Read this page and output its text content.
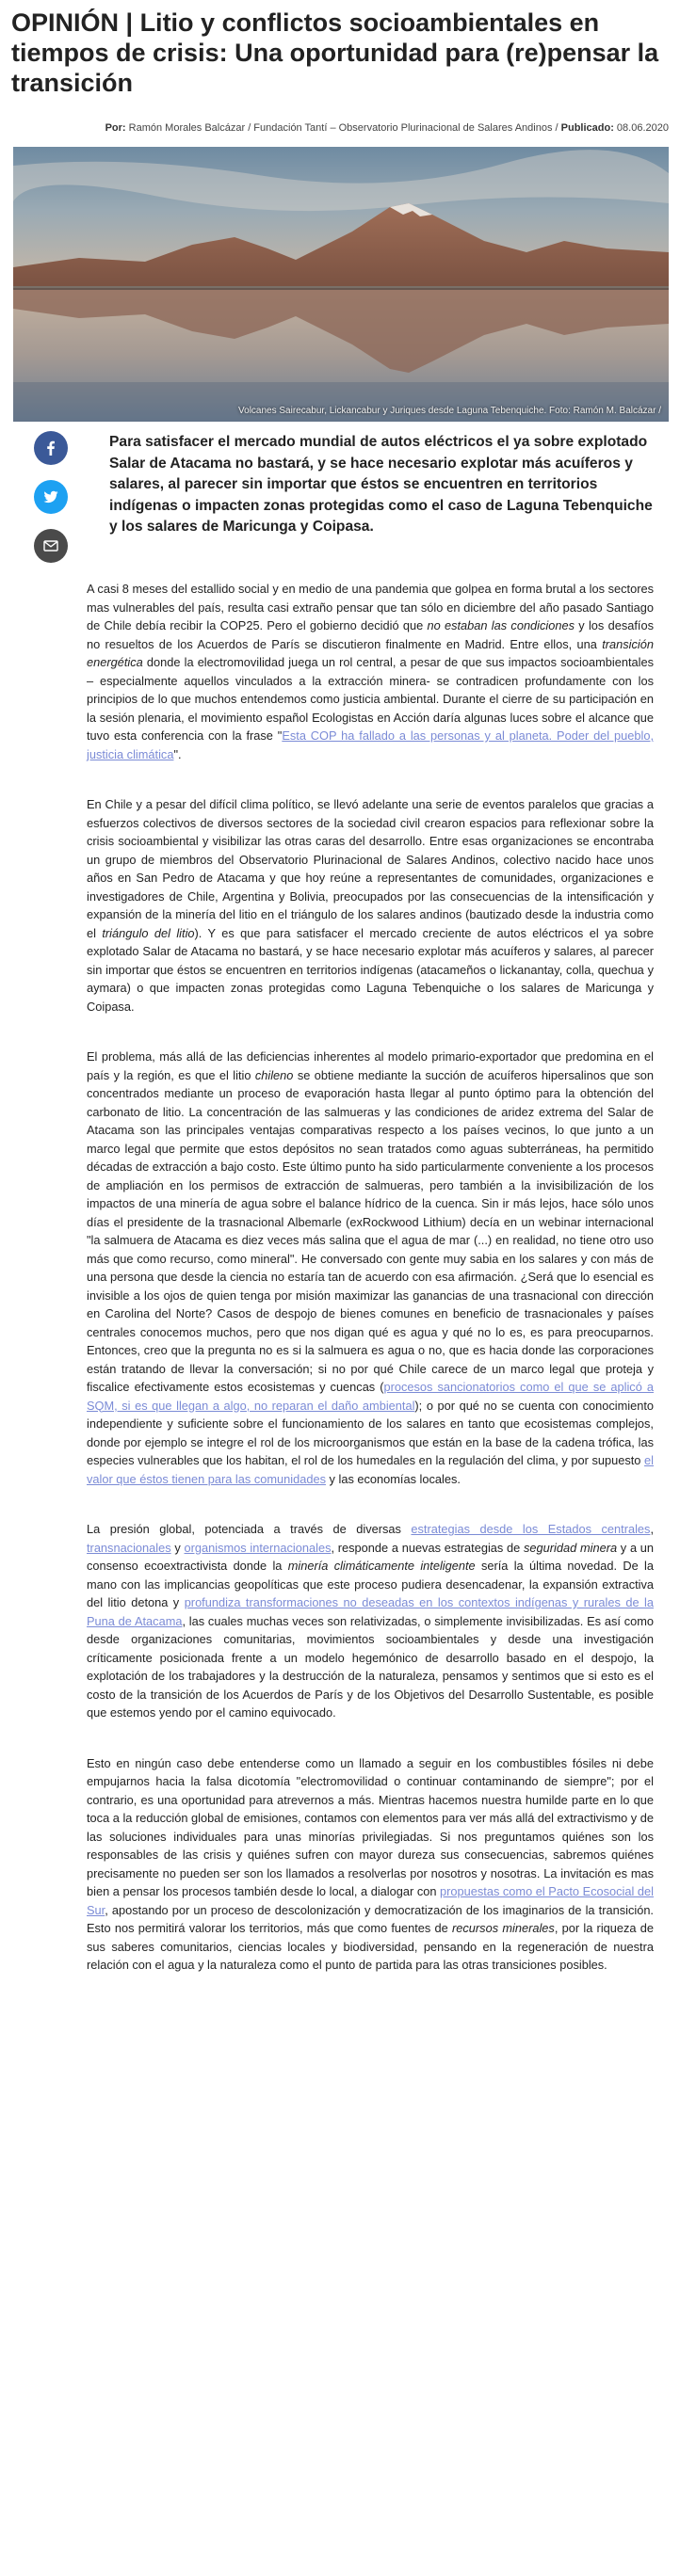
OPINIÓN | Litio y conflictos socioambientales en tiempos de crisis: Una oportunidad para (re)pensar la transición
Por: Ramón Morales Balcázar / Fundación Tantí – Observatorio Plurinacional de Salares Andinos / Publicado: 08.06.2020
Volcanes Sairecabur, Lickancabur y Juriques desde Laguna Tebenquiche. Foto: Ramón M. Balcázar /

Para satisfacer el mercado mundial de autos eléctricos el ya sobre explotado Salar de Atacama no bastará, y se hace necesario explotar más acuíferos y salares, al parecer sin importar que éstos se encuentren en territorios indígenas o impacten zonas protegidas como el caso de Laguna Tebenquiche y los salares de Maricunga y Coipasa.

A casi 8 meses del estallido social y en medio de una pandemia que golpea en forma brutal a los sectores mas vulnerables del país, resulta casi extraño pensar que tan sólo en diciembre del año pasado Santiago de Chile debía recibir la COP25. Pero el gobierno decidió que no estaban las condiciones y los desafíos no resueltos de los Acuerdos de París se discutieron finalmente en Madrid. Entre ellos, una transición energética donde la electromovilidad juega un rol central, a pesar de que sus impactos socioambientales – especialmente aquellos vinculados a la extracción minera- se contradicen profundamente con los principios de lo que muchos entendemos como justicia ambiental. Durante el cierre de su participación en la sesión plenaria, el movimiento español Ecologistas en Acción daría algunas luces sobre el alcance que tuvo esta conferencia con la frase "Esta COP ha fallado a las personas y al planeta. Poder del pueblo, justicia climática".

En Chile y a pesar del difícil clima político, se llevó adelante una serie de eventos paralelos que gracias a esfuerzos colectivos de diversos sectores de la sociedad civil crearon espacios para reflexionar sobre la crisis socioambiental y visibilizar las otras caras del desarrollo. Entre esas organizaciones se encontraba un grupo de miembros del Observatorio Plurinacional de Salares Andinos, colectivo nacido hace unos años en San Pedro de Atacama y que hoy reúne a representantes de comunidades, organizaciones e investigadores de Chile, Argentina y Bolivia, preocupados por las consecuencias de la intensificación y expansión de la minería del litio en el triángulo de los salares andinos (bautizado desde la industria como el triángulo del litio). Y es que para satisfacer el mercado creciente de autos eléctricos el ya sobre explotado Salar de Atacama no bastará, y se hace necesario explotar más acuíferos y salares, al parecer sin importar que éstos se encuentren en territorios indígenas (atacameños o lickanantay, colla, quechua y aymara) o que impacten zonas protegidas como Laguna Tebenquiche o los salares de Maricunga y Coipasa.

El problema, más allá de las deficiencias inherentes al modelo primario-exportador que predomina en el país y la región, es que el litio chileno se obtiene mediante la succión de acuíferos hipersalinos que son concentrados mediante un proceso de evaporación hasta llegar al punto óptimo para la obtención del carbonato de litio. La concentración de las salmueras y las condiciones de aridez extrema del Salar de Atacama son las principales ventajas comparativas respecto a los países vecinos, lo que junto a un marco legal que permite que estos depósitos no sean tratados como aguas subterráneas, ha permitido décadas de extracción a bajo costo. Este último punto ha sido particularmente conveniente a los procesos de ampliación en los permisos de extracción de salmueras, pero también a la invisibilización de los impactos de una minería de agua sobre el balance hídrico de la cuenca. Sin ir más lejos, hace sólo unos días el presidente de la trasnacional Albemarle (exRockwood Lithium) decía en un webinar internacional "la salmuera de Atacama es diez veces más salina que el agua de mar (...) en realidad, no tiene otro uso más que como recurso, como mineral". He conversado con gente muy sabia en los salares y con más de una persona que desde la ciencia no estaría tan de acuerdo con esa afirmación. ¿Será que lo esencial es invisible a los ojos de quien tenga por misión maximizar las ganancias de una trasnacional con dirección en Carolina del Norte? Casos de despojo de bienes comunes en beneficio de trasnacionales y países centrales conocemos muchos, pero que nos digan qué es agua y qué no lo es, es para preocuparnos. Entonces, creo que la pregunta no es si la salmuera es agua o no, que es hacia donde las corporaciones están tratando de llevar la conversación; si no por qué Chile carece de un marco legal que proteja y fiscalice efectivamente estos ecosistemas y cuencas (procesos sancionatorios como el que se aplicó a SQM, si es que llegan a algo, no reparan el daño ambiental); o por qué no se cuenta con conocimiento independiente y suficiente sobre el funcionamiento de los salares en tanto que ecosistemas complejos, donde por ejemplo se integre el rol de los microorganismos que están en la base de la cadena trófica, las especies vulnerables que los habitan, el rol de los humedales en la regulación del clima, y por supuesto el valor que éstos tienen para las comunidades y las economías locales.

La presión global, potenciada a través de diversas estrategias desde los Estados centrales, transnacionales y organismos internacionales, responde a nuevas estrategias de seguridad minera y a un consenso ecoextractivista donde la minería climáticamente inteligente sería la última novedad. De la mano con las implicancias geopolíticas que este proceso pudiera desencadenar, la expansión extractiva del litio detona y profundiza transformaciones no deseadas en los contextos indígenas y rurales de la Puna de Atacama, las cuales muchas veces son relativizadas, o simplemente invisibilizadas. Es así como desde organizaciones comunitarias, movimientos socioambientales y desde una investigación críticamente posicionada frente a un modelo hegemónico de desarrollo basado en el despojo, la explotación de los trabajadores y la destrucción de la naturaleza, pensamos y sentimos que si esto es el costo de la transición de los Acuerdos de París y de los Objetivos del Desarrollo Sustentable, es posible que estemos yendo por el camino equivocado.

Esto en ningún caso debe entenderse como un llamado a seguir en los combustibles fósiles ni debe empujarnos hacia la falsa dicotomía "electromovilidad o continuar contaminando de siempre"; por el contrario, es una oportunidad para atrevernos a más. Mientras hacemos nuestra humilde parte en lo que toca a la reducción global de emisiones, contamos con elementos para ver más allá del extractivismo y de las soluciones individuales para unas minorías privilegiadas. Si nos preguntamos quiénes son los responsables de las crisis y quiénes sufren con mayor dureza sus consecuencias, sabremos quiénes precisamente no pueden ser son los llamados a resolverlas por nosotros y nosotras. La invitación es mas bien a pensar los procesos también desde lo local, a dialogar con propuestas como el Pacto Ecosocial del Sur, apostando por un proceso de descolonización y democratización de los imaginarios de la transición. Esto nos permitirá valorar los territorios, más que como fuentes de recursos minerales, por la riqueza de sus saberes comunitarios, ciencias locales y biodiversidad, pensando en la regeneración de nuestra relación con el agua y la naturaleza como el punto de partida para las otras transiciones posibles.
